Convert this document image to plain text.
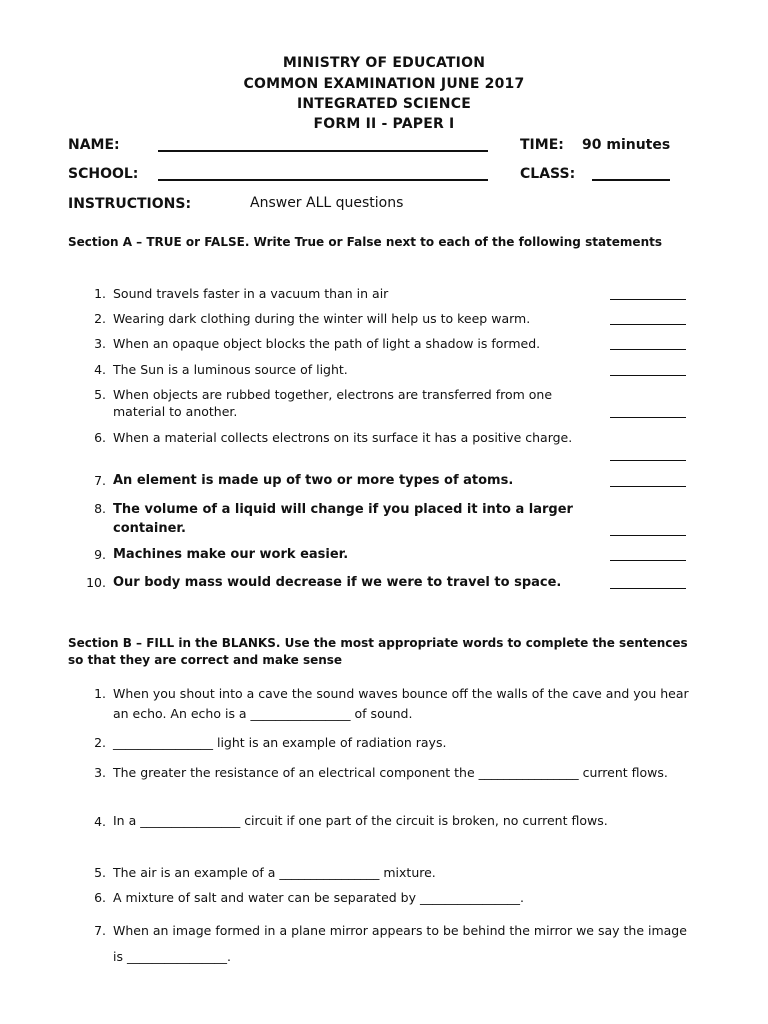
MINISTRY OF EDUCATION
COMMON EXAMINATION JUNE 2017
INTEGRATED SCIENCE
FORM II - PAPER I
NAME:	TIME: 90 minutes
SCHOOL:	CLASS:
INSTRUCTIONS:	Answer ALL questions
Section A – TRUE or FALSE. Write True or False next to each of the following statements
1. Sound travels faster in a vacuum than in air
2. Wearing dark clothing during the winter will help us to keep warm.
3. When an opaque object blocks the path of light a shadow is formed.
4. The Sun is a luminous source of light.
5. When objects are rubbed together, electrons are transferred from one material to another.
6. When a material collects electrons on its surface it has a positive charge.
7. An element is made up of two or more types of atoms.
8. The volume of a liquid will change if you placed it into a larger container.
9. Machines make our work easier.
10. Our body mass would decrease if we were to travel to space.
Section B – FILL in the BLANKS. Use the most appropriate words to complete the sentences so that they are correct and make sense
1. When you shout into a cave the sound waves bounce off the walls of the cave and you hear an echo. An echo is a ________________ of sound.
2. ________________ light is an example of radiation rays.
3. The greater the resistance of an electrical component the ________________ current flows.
4. In a ________________ circuit if one part of the circuit is broken, no current flows.
5. The air is an example of a ________________ mixture.
6. A mixture of salt and water can be separated by ________________.
7. When an image formed in a plane mirror appears to be behind the mirror we say the image is ________________.
